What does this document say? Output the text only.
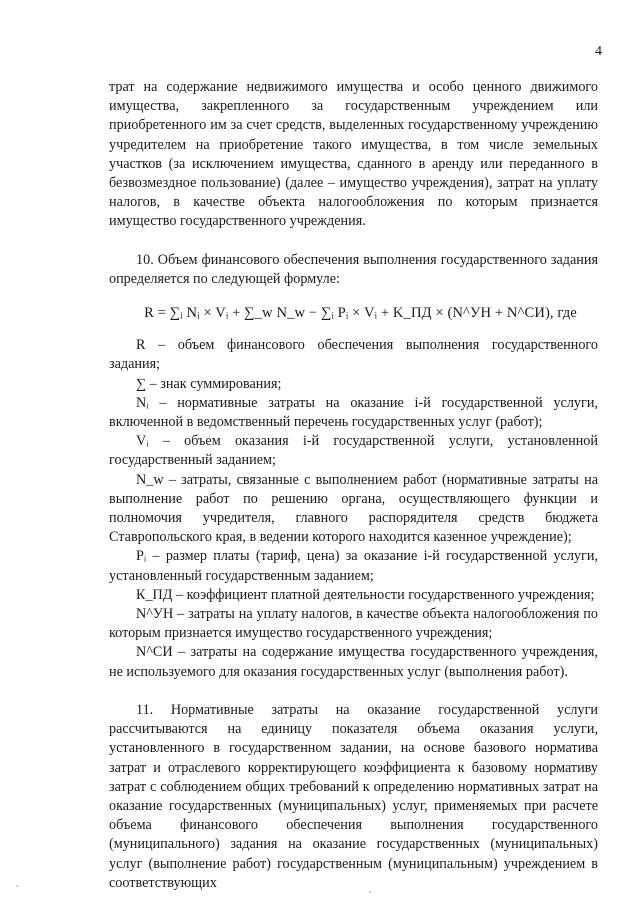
4

трат на содержание недвижимого имущества и особо ценного движимого имущества, закрепленного за государственным учреждением или приобретенного им за счет средств, выделенных государственному учреждению учредителем на приобретение такого имущества, в том числе земельных участков (за исключением имущества, сданного в аренду или переданного в безвозмездное пользование) (далее – имущество учреждения), затрат на уплату налогов, в качестве объекта налогообложения по которым признается имущество государственного учреждения.

10. Объем финансового обеспечения выполнения государственного задания определяется по следующей формуле:

R = ∑ᵢ Nᵢ × Vᵢ + ∑_w N_w − ∑ᵢ Pᵢ × Vᵢ + K_ПД × (N^УН + N^СИ), где

R – объем финансового обеспечения выполнения государственного задания;

∑ – знак суммирования;

Nᵢ – нормативные затраты на оказание i-й государственной услуги, включенной в ведомственный перечень государственных услуг (работ);

Vᵢ – объем оказания i-й государственной услуги, установленной государственный заданием;

N_w – затраты, связанные с выполнением работ (нормативные затраты на выполнение работ по решению органа, осуществляющего функции и полномочия учредителя, главного распорядителя средств бюджета Ставропольского края, в ведении которого находится казенное учреждение);

Pᵢ – размер платы (тариф, цена) за оказание i-й государственной услуги, установленный государственным заданием;

К_ПД – коэффициент платной деятельности государственного учреждения;

N^УН – затраты на уплату налогов, в качестве объекта налогообложения по которым признается имущество государственного учреждения;

N^СИ – затраты на содержание имущества государственного учреждения, не используемого для оказания государственных услуг (выполнения работ).

11. Нормативные затраты на оказание государственной услуги рассчитываются на единицу показателя объема оказания услуги, установленного в государственном задании, на основе базового норматива затрат и отраслевого корректирующего коэффициента к базовому нормативу затрат с соблюдением общих требований к определению нормативных затрат на оказание государственных (муниципальных) услуг, применяемых при расчете объема финансового обеспечения выполнения государственного (муниципального) задания на оказание государственных (муниципальных) услуг (выполнение работ) государственным (муниципальным) учреждением в соответствующих
